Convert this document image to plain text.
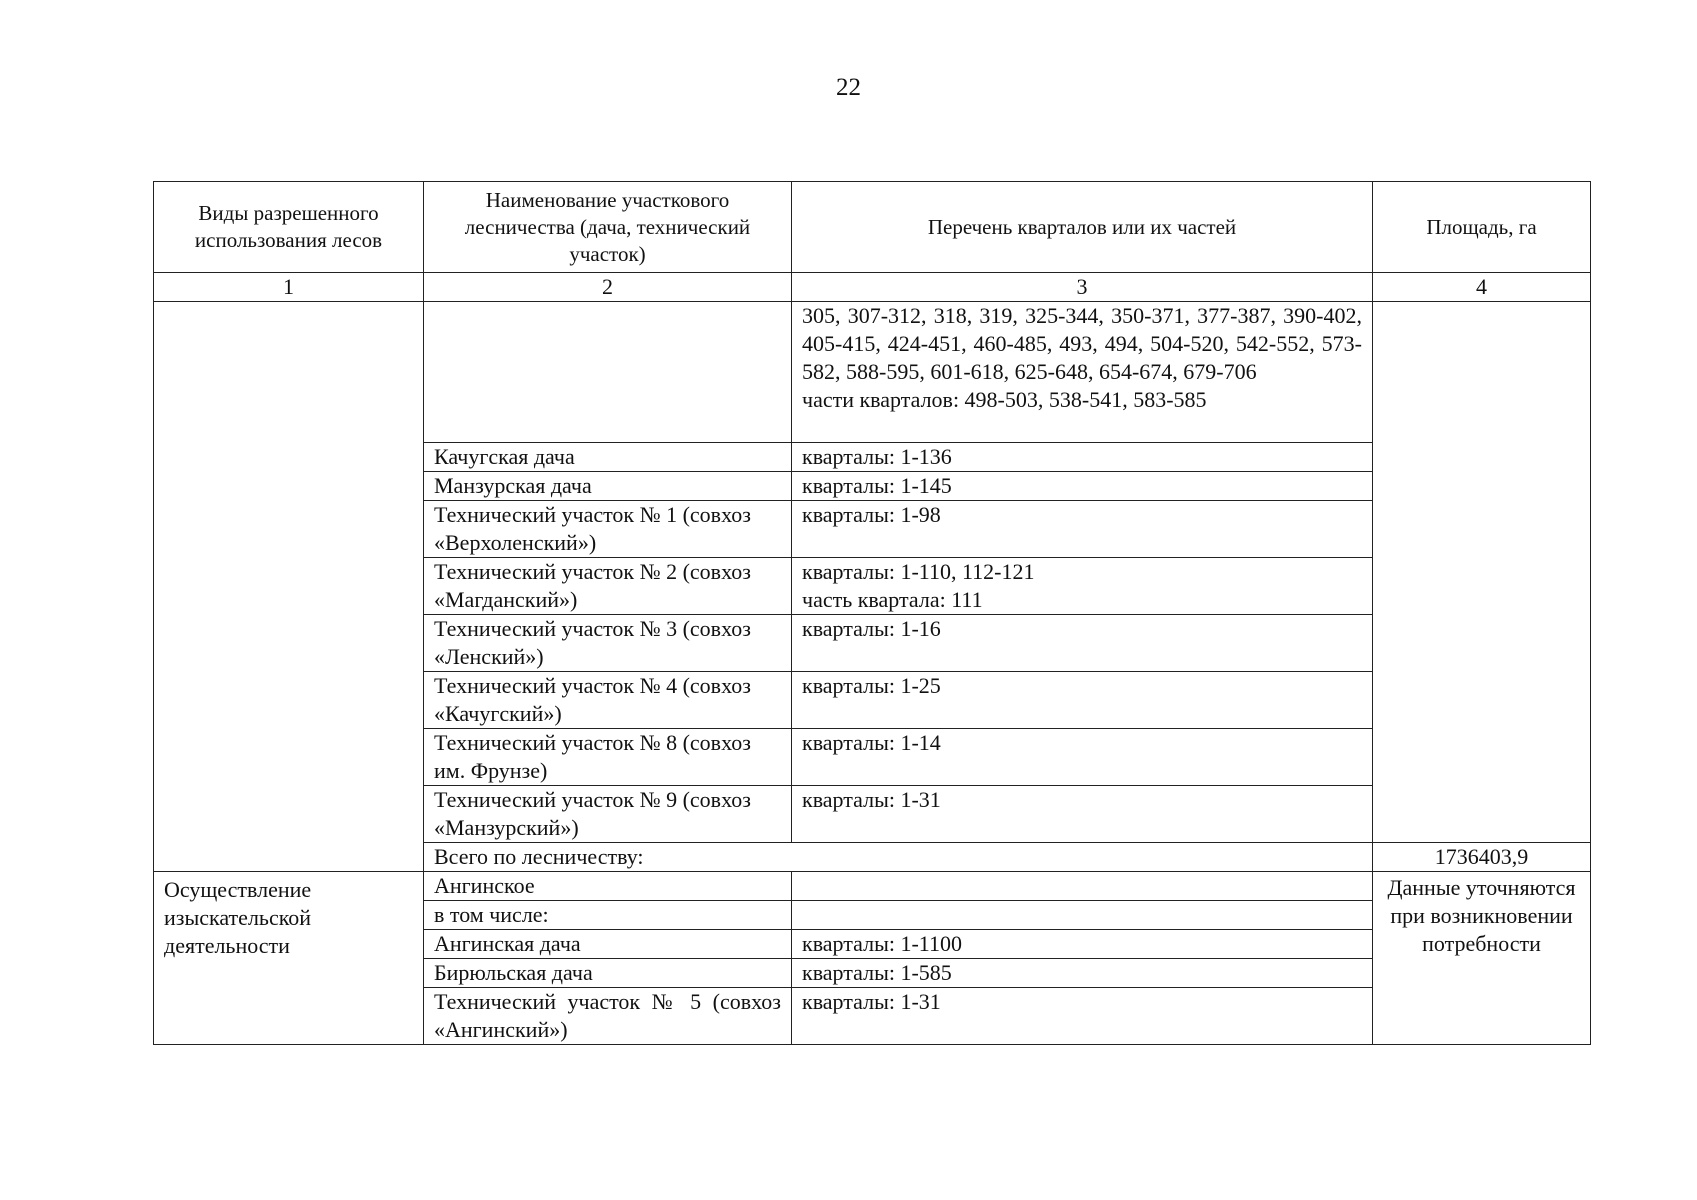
22
Виды разрешенного использования лесов	Наименование участкового лесничества (дача, технический участок)	Перечень кварталов или их частей	Площадь, га
1	2	3	4

		305, 307-312, 318, 319, 325-344, 350-371, 377-387, 390-402, 405-415, 424-451, 460-485, 493, 494, 504-520, 542-552, 573-582, 588-595, 601-618, 625-648, 654-674, 679-706
части кварталов: 498-503, 538-541, 583-585	

	Качугская дача	кварталы: 1-136	
	Манзурская дача	кварталы: 1-145	
	Технический участок № 1 (совхоз «Верхоленский»)	кварталы: 1-98	
	Технический участок № 2 (совхоз «Магданский»)	кварталы: 1-110, 112-121
часть квартала: 111	

	Технический участок № 3 (совхоз «Ленский»)	кварталы: 1-16	
	Технический участок № 4 (совхоз «Качугский»)	кварталы: 1-25	
	Технический участок № 8 (совхоз им. Фрунзе)	кварталы: 1-14	
	Технический участок № 9 (совхоз «Манзурский»)	кварталы: 1-31	
	Всего по лесничеству:		1736403,9
Осуществление изыскательской деятельности	Ангинское		Данные уточняются при возникновении потребности
	в том числе:		
	Ангинская дача	кварталы: 1-1100	
	Бирюльская дача	кварталы: 1-585	
	Технический участок № 5 (совхоз «Ангинский»)	кварталы: 1-31	
